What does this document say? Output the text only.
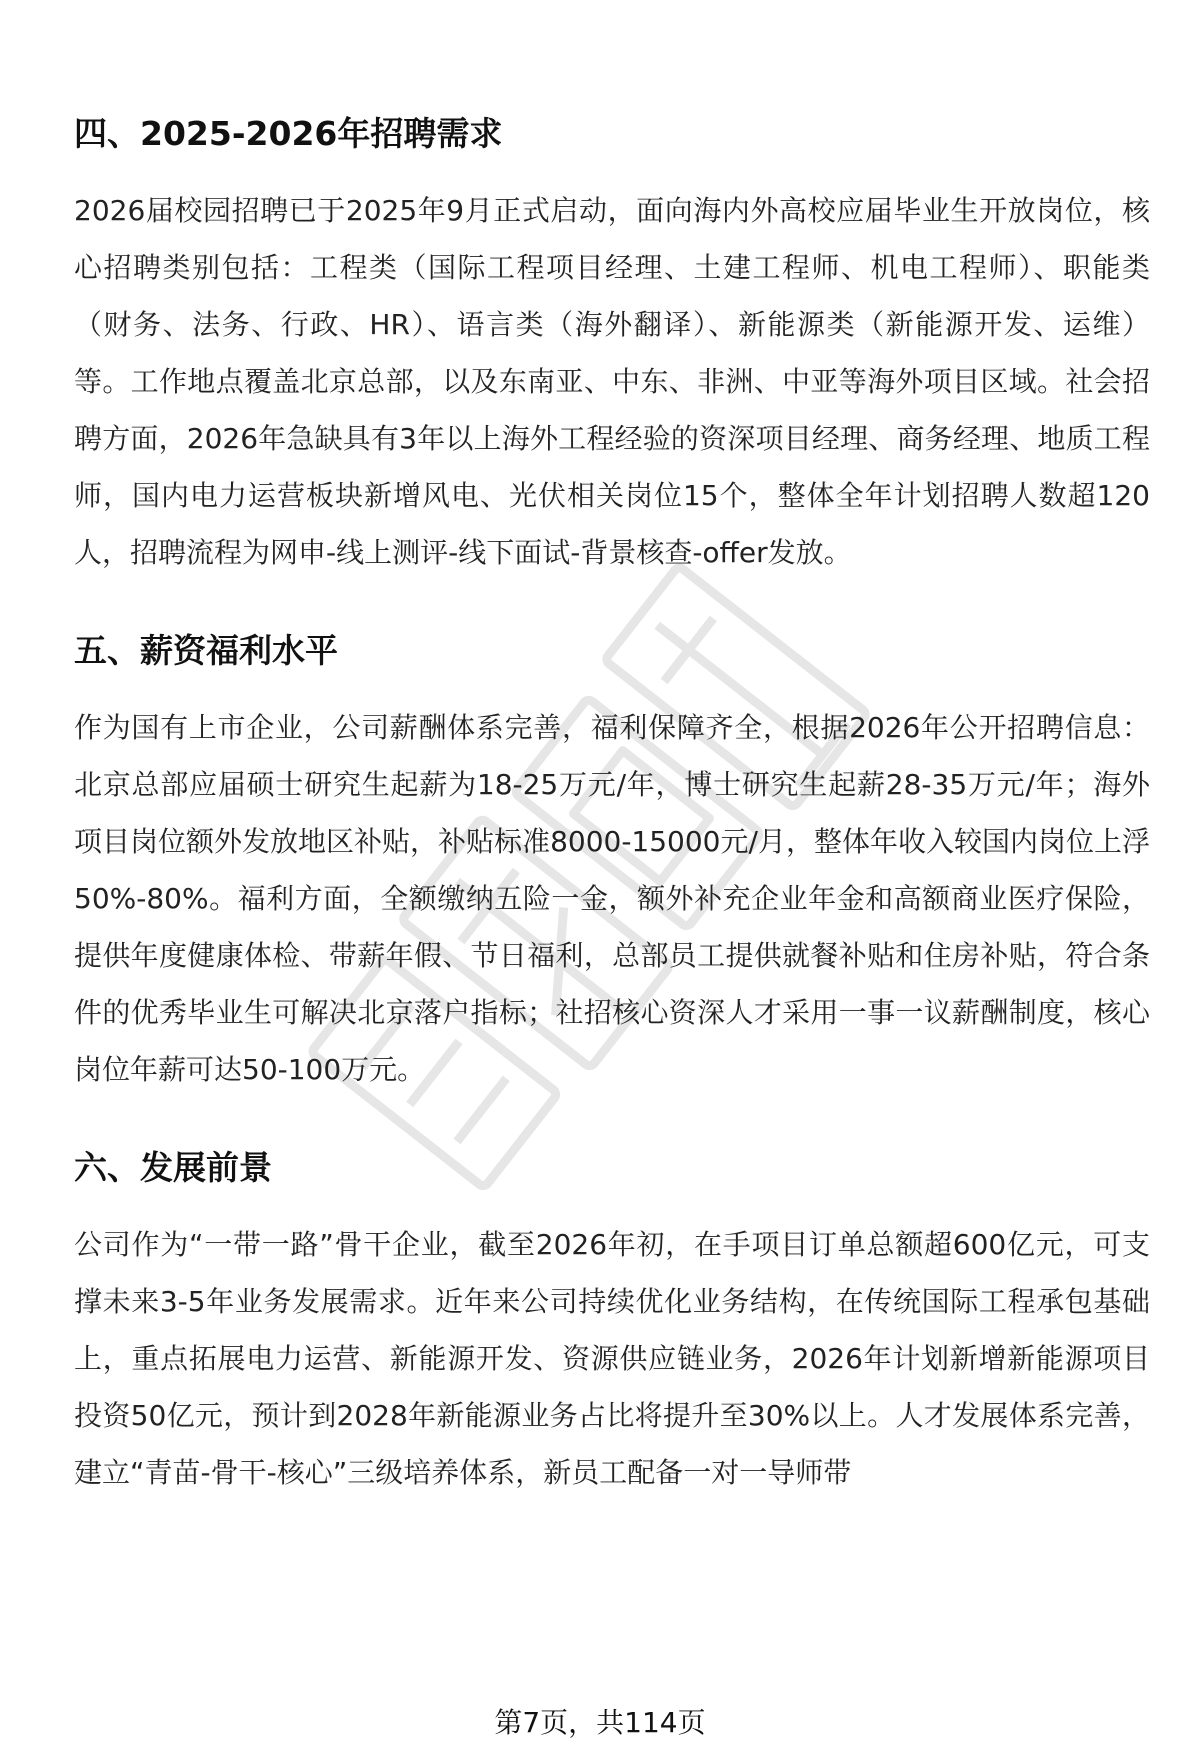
四、2025-2026年招聘需求

2026届校园招聘已于2025年9月正式启动，面向海内外高校应届毕业生开放岗位，核心招聘类别包括：工程类（国际工程项目经理、土建工程师、机电工程师）、职能类（财务、法务、行政、HR）、语言类（海外翻译）、新能源类（新能源开发、运维）等。工作地点覆盖北京总部，以及东南亚、中东、非洲、中亚等海外项目区域。社会招聘方面，2026年急缺具有3年以上海外工程经验的资深项目经理、商务经理、地质工程师，国内电力运营板块新增风电、光伏相关岗位15个，整体全年计划招聘人数超120人，招聘流程为网申-线上测评-线下面试-背景核查-offer发放。

五、薪资福利水平

作为国有上市企业，公司薪酬体系完善，福利保障齐全，根据2026年公开招聘信息：北京总部应届硕士研究生起薪为18-25万元/年，博士研究生起薪28-35万元/年；海外项目岗位额外发放地区补贴，补贴标准8000-15000元/月，整体年收入较国内岗位上浮50%-80%。福利方面，全额缴纳五险一金，额外补充企业年金和高额商业医疗保险，提供年度健康体检、带薪年假、节日福利，总部员工提供就餐补贴和住房补贴，符合条件的优秀毕业生可解决北京落户指标；社招核心资深人才采用一事一议薪酬制度，核心岗位年薪可达50-100万元。

六、发展前景

公司作为“一带一路”骨干企业，截至2026年初，在手项目订单总额超600亿元，可支撑未来3-5年业务发展需求。近年来公司持续优化业务结构，在传统国际工程承包基础上，重点拓展电力运营、新能源开发、资源供应链业务，2026年计划新增新能源项目投资50亿元，预计到2028年新能源业务占比将提升至30%以上。人才发展体系完善，建立“青苗-骨干-核心”三级培养体系，新员工配备一对一导师带

第7页，共114页
